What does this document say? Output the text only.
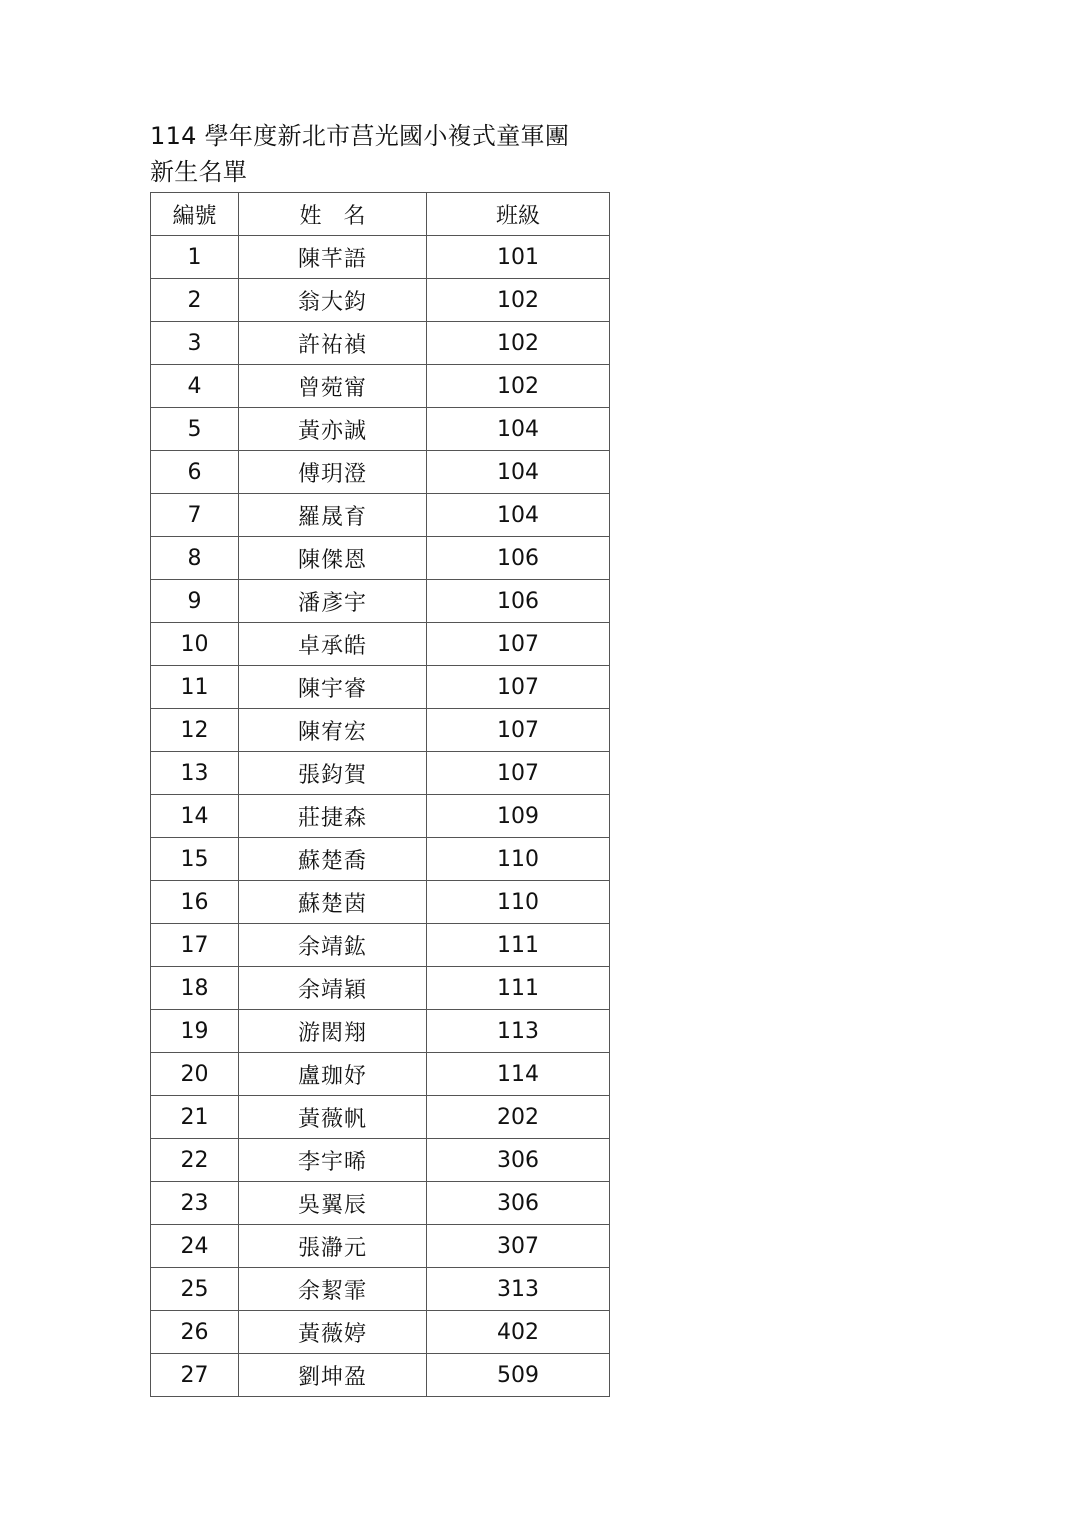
114 學年度新北市莒光國小複式童軍團
新生名單
編號	姓　名	班級
1	陳芊語	101
2	翁大鈞	102
3	許祐禎	102
4	曾菀甯	102
5	黃亦誠	104
6	傅玥澄	104
7	羅晟育	104
8	陳傑恩	106
9	潘彥宇	106
10	卓承皓	107
11	陳宇睿	107
12	陳宥宏	107
13	張鈞賀	107
14	莊捷森	109
15	蘇楚喬	110
16	蘇楚茵	110
17	余靖鈜	111
18	余靖穎	111
19	游閎翔	113
20	盧珈妤	114
21	黃薇帆	202
22	李宇晞	306
23	吳翼辰	306
24	張瀞元	307
25	余絜霏	313
26	黃薇婷	402
27	劉坤盈	509
